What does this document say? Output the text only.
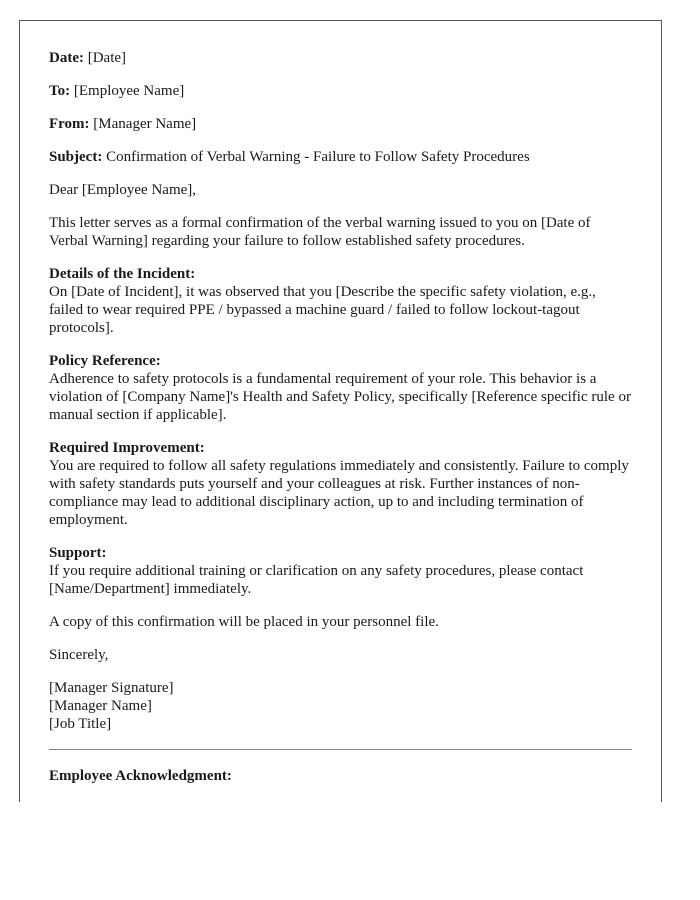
Date: [Date]

To: [Employee Name]

From: [Manager Name]

Subject: Confirmation of Verbal Warning - Failure to Follow Safety Procedures

Dear [Employee Name],

This letter serves as a formal confirmation of the verbal warning issued to you on [Date of Verbal Warning] regarding your failure to follow established safety procedures.

Details of the Incident:
On [Date of Incident], it was observed that you [Describe the specific safety violation, e.g., failed to wear required PPE / bypassed a machine guard / failed to follow lockout-tagout protocols].

Policy Reference:
Adherence to safety protocols is a fundamental requirement of your role. This behavior is a violation of [Company Name]'s Health and Safety Policy, specifically [Reference specific rule or manual section if applicable].

Required Improvement:
You are required to follow all safety regulations immediately and consistently. Failure to comply with safety standards puts yourself and your colleagues at risk. Further instances of non-compliance may lead to additional disciplinary action, up to and including termination of employment.

Support:
If you require additional training or clarification on any safety procedures, please contact [Name/Department] immediately.

A copy of this confirmation will be placed in your personnel file.

Sincerely,

[Manager Signature]
[Manager Name]
[Job Title]

Employee Acknowledgment:
